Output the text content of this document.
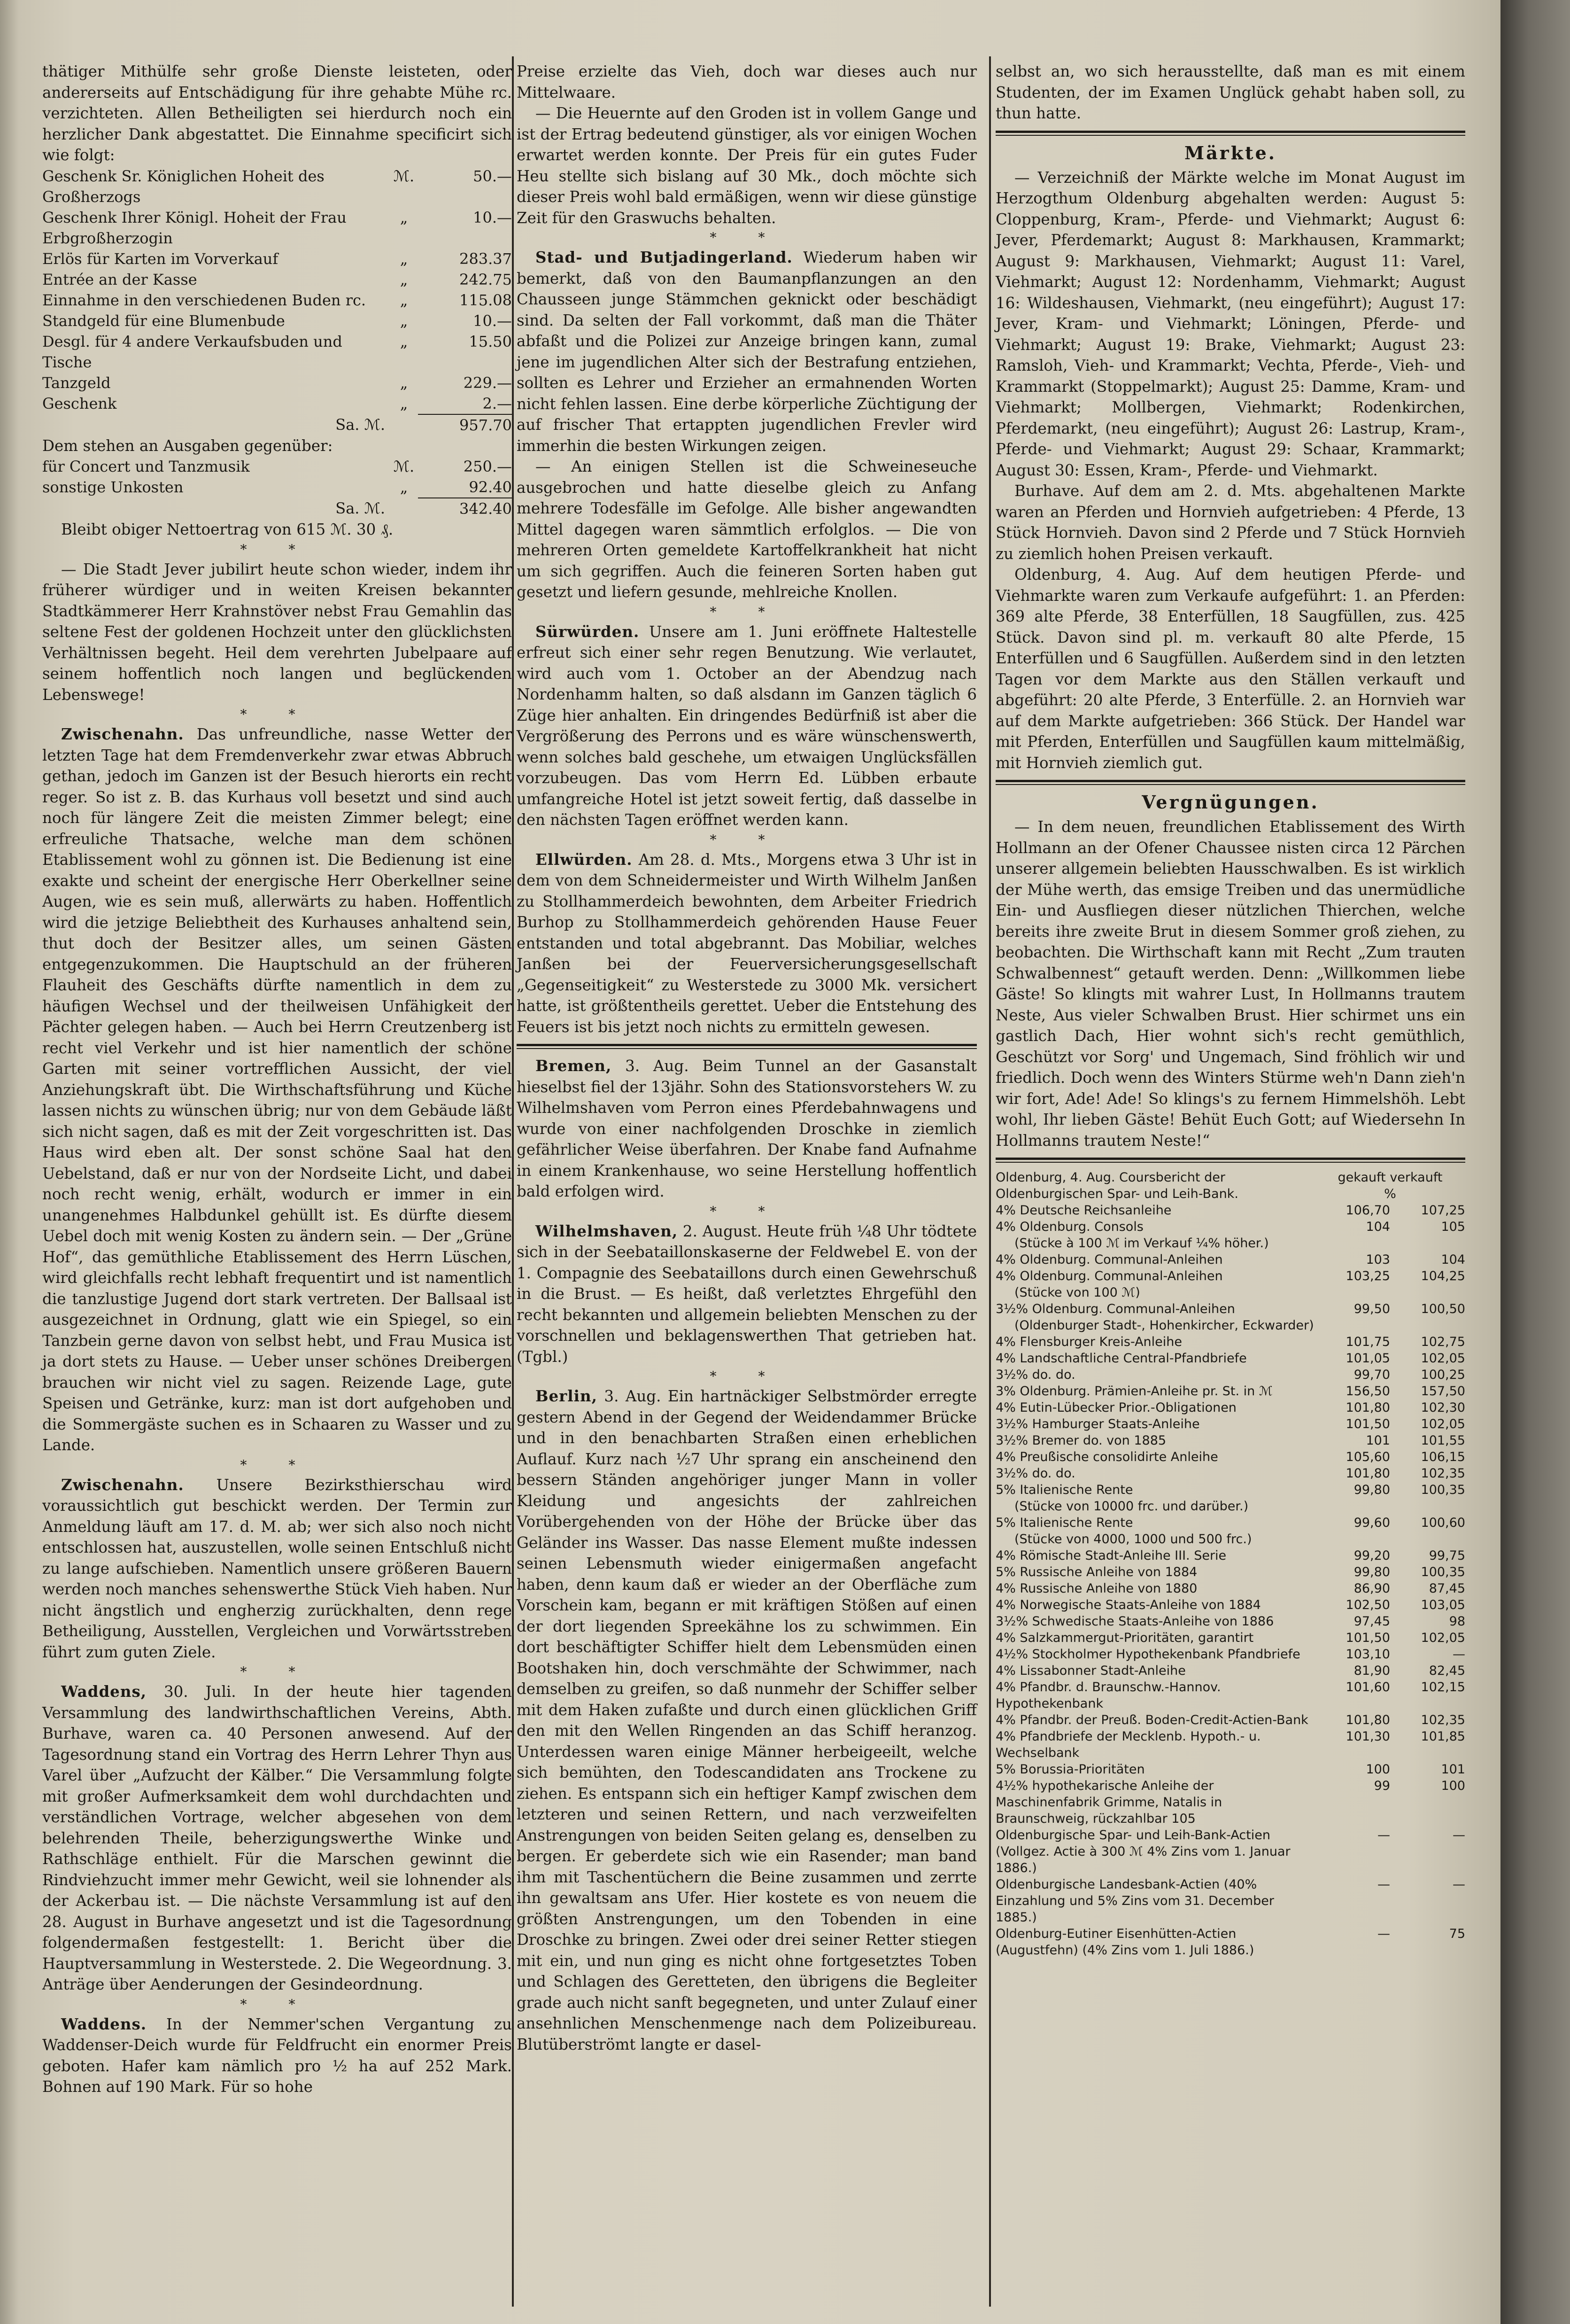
thätiger Mithülfe sehr große Dienste leisteten, oder andererseits auf Entschädigung für ihre gehabte Mühe rc. verzichteten. Allen Betheiligten sei hierdurch noch ein herzlicher Dank abgestattet. Die Einnahme specificirt sich wie folgt:

Geschenk Sr. Königlichen Hoheit des Großherzogs	ℳ.	50.—
Geschenk Ihrer Königl. Hoheit der Frau Erbgroßherzogin	„	10.—
Erlös für Karten im Vorverkauf	„	283.37
Entrée an der Kasse	„	242.75
Einnahme in den verschiedenen Buden rc.	„	115.08
Standgeld für eine Blumenbude	„	10.—
Desgl. für 4 andere Verkaufsbuden und Tische	„	15.50
Tanzgeld	„	229.—
Geschenk	„	2.—
Sa. ℳ.		957.70

Dem stehen an Ausgaben gegenüber:

für Concert und Tanzmusik	ℳ.	250.—
sonstige Unkosten	„	92.40
Sa. ℳ.		342.40

Bleibt obiger Nettoertrag von 615 ℳ. 30 ₰.

* *

— Die Stadt Jever jubilirt heute schon wieder, indem ihr früherer würdiger und in weiten Kreisen bekannter Stadtkämmerer Herr Krahnstöver nebst Frau Gemahlin das seltene Fest der goldenen Hochzeit unter den glücklichsten Verhältnissen begeht. Heil dem verehrten Jubelpaare auf seinem hoffentlich noch langen und beglückenden Lebenswege!

* *

Zwischenahn. Das unfreundliche, nasse Wetter der letzten Tage hat dem Fremdenverkehr zwar etwas Abbruch gethan, jedoch im Ganzen ist der Besuch hierorts ein recht reger. So ist z. B. das Kurhaus voll besetzt und sind auch noch für längere Zeit die meisten Zimmer belegt; eine erfreuliche Thatsache, welche man dem schönen Etablissement wohl zu gönnen ist. Die Bedienung ist eine exakte und scheint der energische Herr Oberkellner seine Augen, wie es sein muß, allerwärts zu haben. Hoffentlich wird die jetzige Beliebtheit des Kurhauses anhaltend sein, thut doch der Besitzer alles, um seinen Gästen entgegenzukommen. Die Hauptschuld an der früheren Flauheit des Geschäfts dürfte namentlich in dem zu häufigen Wechsel und der theilweisen Unfähigkeit der Pächter gelegen haben. — Auch bei Herrn Creutzenberg ist recht viel Verkehr und ist hier namentlich der schöne Garten mit seiner vortrefflichen Aussicht, der viel Anziehungskraft übt. Die Wirthschaftsführung und Küche lassen nichts zu wünschen übrig; nur von dem Gebäude läßt sich nicht sagen, daß es mit der Zeit vorgeschritten ist. Das Haus wird eben alt. Der sonst schöne Saal hat den Uebelstand, daß er nur von der Nordseite Licht, und dabei noch recht wenig, erhält, wodurch er immer in ein unangenehmes Halbdunkel gehüllt ist. Es dürfte diesem Uebel doch mit wenig Kosten zu ändern sein. — Der „Grüne Hof“, das gemüthliche Etablissement des Herrn Lüschen, wird gleichfalls recht lebhaft frequentirt und ist namentlich die tanzlustige Jugend dort stark vertreten. Der Ballsaal ist ausgezeichnet in Ordnung, glatt wie ein Spiegel, so ein Tanzbein gerne davon von selbst hebt, und Frau Musica ist ja dort stets zu Hause. — Ueber unser schönes Dreibergen brauchen wir nicht viel zu sagen. Reizende Lage, gute Speisen und Getränke, kurz: man ist dort aufgehoben und die Sommergäste suchen es in Schaaren zu Wasser und zu Lande.

* *

Zwischenahn. Unsere Bezirksthierschau wird voraussichtlich gut beschickt werden. Der Termin zur Anmeldung läuft am 17. d. M. ab; wer sich also noch nicht entschlossen hat, auszustellen, wolle seinen Entschluß nicht zu lange aufschieben. Namentlich unsere größeren Bauern werden noch manches sehenswerthe Stück Vieh haben. Nur nicht ängstlich und engherzig zurückhalten, denn rege Betheiligung, Ausstellen, Vergleichen und Vorwärtsstreben führt zum guten Ziele.

* *

Waddens, 30. Juli. In der heute hier tagenden Versammlung des landwirthschaftlichen Vereins, Abth. Burhave, waren ca. 40 Personen anwesend. Auf der Tagesordnung stand ein Vortrag des Herrn Lehrer Thyn aus Varel über „Aufzucht der Kälber.“ Die Versammlung folgte mit großer Aufmerksamkeit dem wohl durchdachten und verständlichen Vortrage, welcher abgesehen von dem belehrenden Theile, beherzigungswerthe Winke und Rathschläge enthielt. Für die Marschen gewinnt die Rindviehzucht immer mehr Gewicht, weil sie lohnender als der Ackerbau ist. — Die nächste Versammlung ist auf den 28. August in Burhave angesetzt und ist die Tagesordnung folgendermaßen festgestellt: 1. Bericht über die Hauptversammlung in Westerstede. 2. Die Wegeordnung. 3. Anträge über Aenderungen der Gesindeordnung.

* *

Waddens. In der Nemmer'schen Vergantung zu Waddenser-Deich wurde für Feldfrucht ein enormer Preis geboten. Hafer kam nämlich pro ½ ha auf 252 Mark. Bohnen auf 190 Mark. Für so hohe

Preise erzielte das Vieh, doch war dieses auch nur Mittelwaare.

— Die Heuernte auf den Groden ist in vollem Gange und ist der Ertrag bedeutend günstiger, als vor einigen Wochen erwartet werden konnte. Der Preis für ein gutes Fuder Heu stellte sich bislang auf 30 Mk., doch möchte sich dieser Preis wohl bald ermäßigen, wenn wir diese günstige Zeit für den Graswuchs behalten.

* *

Stad- und Butjadingerland. Wiederum haben wir bemerkt, daß von den Baumanpflanzungen an den Chausseen junge Stämmchen geknickt oder beschädigt sind. Da selten der Fall vorkommt, daß man die Thäter abfaßt und die Polizei zur Anzeige bringen kann, zumal jene im jugendlichen Alter sich der Bestrafung entziehen, sollten es Lehrer und Erzieher an ermahnenden Worten nicht fehlen lassen. Eine derbe körperliche Züchtigung der auf frischer That ertappten jugendlichen Frevler wird immerhin die besten Wirkungen zeigen.

— An einigen Stellen ist die Schweineseuche ausgebrochen und hatte dieselbe gleich zu Anfang mehrere Todesfälle im Gefolge. Alle bisher angewandten Mittel dagegen waren sämmtlich erfolglos. — Die von mehreren Orten gemeldete Kartoffelkrankheit hat nicht um sich gegriffen. Auch die feineren Sorten haben gut gesetzt und liefern gesunde, mehlreiche Knollen.

* *

Sürwürden. Unsere am 1. Juni eröffnete Haltestelle erfreut sich einer sehr regen Benutzung. Wie verlautet, wird auch vom 1. October an der Abendzug nach Nordenhamm halten, so daß alsdann im Ganzen täglich 6 Züge hier anhalten. Ein dringendes Bedürfniß ist aber die Vergrößerung des Perrons und es wäre wünschenswerth, wenn solches bald geschehe, um etwaigen Unglücksfällen vorzubeugen. Das vom Herrn Ed. Lübben erbaute umfangreiche Hotel ist jetzt soweit fertig, daß dasselbe in den nächsten Tagen eröffnet werden kann.

* *

Ellwürden. Am 28. d. Mts., Morgens etwa 3 Uhr ist in dem von dem Schneidermeister und Wirth Wilhelm Janßen zu Stollhammerdeich bewohnten, dem Arbeiter Friedrich Burhop zu Stollhammerdeich gehörenden Hause Feuer entstanden und total abgebrannt. Das Mobiliar, welches Janßen bei der Feuerversicherungsgesellschaft „Gegenseitigkeit“ zu Westerstede zu 3000 Mk. versichert hatte, ist größtentheils gerettet. Ueber die Entstehung des Feuers ist bis jetzt noch nichts zu ermitteln gewesen.

Bremen, 3. Aug. Beim Tunnel an der Gasanstalt hieselbst fiel der 13jähr. Sohn des Stationsvorstehers W. zu Wilhelmshaven vom Perron eines Pferdebahnwagens und wurde von einer nachfolgenden Droschke in ziemlich gefährlicher Weise überfahren. Der Knabe fand Aufnahme in einem Krankenhause, wo seine Herstellung hoffentlich bald erfolgen wird.

* *

Wilhelmshaven, 2. August. Heute früh ¼8 Uhr tödtete sich in der Seebataillonskaserne der Feldwebel E. von der 1. Compagnie des Seebataillons durch einen Gewehrschuß in die Brust. — Es heißt, daß verletztes Ehrgefühl den recht bekannten und allgemein beliebten Menschen zu der vorschnellen und beklagenswerthen That getrieben hat. (Tgbl.)

* *

Berlin, 3. Aug. Ein hartnäckiger Selbstmörder erregte gestern Abend in der Gegend der Weidendammer Brücke und in den benachbarten Straßen einen erheblichen Auflauf. Kurz nach ½7 Uhr sprang ein anscheinend den bessern Ständen angehöriger junger Mann in voller Kleidung und angesichts der zahlreichen Vorübergehenden von der Höhe der Brücke über das Geländer ins Wasser. Das nasse Element mußte indessen seinen Lebensmuth wieder einigermaßen angefacht haben, denn kaum daß er wieder an der Oberfläche zum Vorschein kam, begann er mit kräftigen Stößen auf einen der dort liegenden Spreekähne los zu schwimmen. Ein dort beschäftigter Schiffer hielt dem Lebensmüden einen Bootshaken hin, doch verschmähte der Schwimmer, nach demselben zu greifen, so daß nunmehr der Schiffer selber mit dem Haken zufaßte und durch einen glücklichen Griff den mit den Wellen Ringenden an das Schiff heranzog. Unterdessen waren einige Männer herbeigeeilt, welche sich bemühten, den Todescandidaten ans Trockene zu ziehen. Es entspann sich ein heftiger Kampf zwischen dem letzteren und seinen Rettern, und nach verzweifelten Anstrengungen von beiden Seiten gelang es, denselben zu bergen. Er geberdete sich wie ein Rasender; man band ihm mit Taschentüchern die Beine zusammen und zerrte ihn gewaltsam ans Ufer. Hier kostete es von neuem die größten Anstrengungen, um den Tobenden in eine Droschke zu bringen. Zwei oder drei seiner Retter stiegen mit ein, und nun ging es nicht ohne fortgesetztes Toben und Schlagen des Geretteten, den übrigens die Begleiter grade auch nicht sanft begegneten, und unter Zulauf einer ansehnlichen Menschenmenge nach dem Polizeibureau. Blutüberströmt langte er dasel-

selbst an, wo sich herausstellte, daß man es mit einem Studenten, der im Examen Unglück gehabt haben soll, zu thun hatte.

Märkte.

— Verzeichniß der Märkte welche im Monat August im Herzogthum Oldenburg abgehalten werden: August 5: Cloppenburg, Kram-, Pferde- und Viehmarkt; August 6: Jever, Pferdemarkt; August 8: Markhausen, Krammarkt; August 9: Markhausen, Viehmarkt; August 11: Varel, Viehmarkt; August 12: Nordenhamm, Viehmarkt; August 16: Wildeshausen, Viehmarkt, (neu eingeführt); August 17: Jever, Kram- und Viehmarkt; Löningen, Pferde- und Viehmarkt; August 19: Brake, Viehmarkt; August 23: Ramsloh, Vieh- und Krammarkt; Vechta, Pferde-, Vieh- und Krammarkt (Stoppelmarkt); August 25: Damme, Kram- und Viehmarkt; Mollbergen, Viehmarkt; Rodenkirchen, Pferdemarkt, (neu eingeführt); August 26: Lastrup, Kram-, Pferde- und Viehmarkt; August 29: Schaar, Krammarkt; August 30: Essen, Kram-, Pferde- und Viehmarkt.

Burhave. Auf dem am 2. d. Mts. abgehaltenen Markte waren an Pferden und Hornvieh aufgetrieben: 4 Pferde, 13 Stück Hornvieh. Davon sind 2 Pferde und 7 Stück Hornvieh zu ziemlich hohen Preisen verkauft.

Oldenburg, 4. Aug. Auf dem heutigen Pferde- und Viehmarkte waren zum Verkaufe aufgeführt: 1. an Pferden: 369 alte Pferde, 38 Enterfüllen, 18 Saugfüllen, zus. 425 Stück. Davon sind pl. m. verkauft 80 alte Pferde, 15 Enterfüllen und 6 Saugfüllen. Außerdem sind in den letzten Tagen vor dem Markte aus den Ställen verkauft und abgeführt: 20 alte Pferde, 3 Enterfülle. 2. an Hornvieh war auf dem Markte aufgetrieben: 366 Stück. Der Handel war mit Pferden, Enterfüllen und Saugfüllen kaum mittelmäßig, mit Hornvieh ziemlich gut.

Vergnügungen.

— In dem neuen, freundlichen Etablissement des Wirth Hollmann an der Ofener Chaussee nisten circa 12 Pärchen unserer allgemein beliebten Hausschwalben. Es ist wirklich der Mühe werth, das emsige Treiben und das unermüdliche Ein- und Ausfliegen dieser nützlichen Thierchen, welche bereits ihre zweite Brut in diesem Sommer groß ziehen, zu beobachten. Die Wirthschaft kann mit Recht „Zum trauten Schwalbennest“ getauft werden. Denn: „Willkommen liebe Gäste! So klingts mit wahrer Lust, In Hollmanns trautem Neste, Aus vieler Schwalben Brust. Hier schirmet uns ein gastlich Dach, Hier wohnt sich's recht gemüthlich, Geschützt vor Sorg' und Ungemach, Sind fröhlich wir und friedlich. Doch wenn des Winters Stürme weh'n Dann zieh'n wir fort, Ade! Ade! So klings's zu fernem Himmelshöh. Lebt wohl, Ihr lieben Gäste! Behüt Euch Gott; auf Wiedersehn In Hollmanns trautem Neste!“

Oldenburg, 4. Aug. Coursbericht der Oldenburgischen Spar- und Leih-Bank.	gekauft verkauft
%	

4% Deutsche Reichsanleihe	106,70	107,25
4% Oldenburg. Consols	104	105
(Stücke à 100 ℳ im Verkauf ¼% höher.)		
4% Oldenburg. Communal-Anleihen	103	104
4% Oldenburg. Communal-Anleihen	103,25	104,25
(Stücke von 100 ℳ)		
3½% Oldenburg. Communal-Anleihen	99,50	100,50
(Oldenburger Stadt-, Hohenkircher, Eckwarder)		
4% Flensburger Kreis-Anleihe	101,75	102,75
4% Landschaftliche Central-Pfandbriefe	101,05	102,05
3½% do. do.	99,70	100,25
3% Oldenburg. Prämien-Anleihe pr. St. in ℳ	156,50	157,50
4% Eutin-Lübecker Prior.-Obligationen	101,80	102,30
3½% Hamburger Staats-Anleihe	101,50	102,05
3½% Bremer do. von 1885	101	101,55
4% Preußische consolidirte Anleihe	105,60	106,15
3½% do. do.	101,80	102,35
5% Italienische Rente	99,80	100,35
(Stücke von 10000 frc. und darüber.)		
5% Italienische Rente	99,60	100,60
(Stücke von 4000, 1000 und 500 frc.)		
4% Römische Stadt-Anleihe III. Serie	99,20	99,75
5% Russische Anleihe von 1884	99,80	100,35
4% Russische Anleihe von 1880	86,90	87,45
4% Norwegische Staats-Anleihe von 1884	102,50	103,05
3½% Schwedische Staats-Anleihe von 1886	97,45	98
4% Salzkammergut-Prioritäten, garantirt	101,50	102,05
4½% Stockholmer Hypothekenbank Pfandbriefe	103,10	—
4% Lissabonner Stadt-Anleihe	81,90	82,45
4% Pfandbr. d. Braunschw.-Hannov. Hypothekenbank	101,60	102,15
4% Pfandbr. der Preuß. Boden-Credit-Actien-Bank	101,80	102,35
4% Pfandbriefe der Mecklenb. Hypoth.- u. Wechselbank	101,30	101,85
5% Borussia-Prioritäten	100	101
4½% hypothekarische Anleihe der Maschinenfabrik Grimme, Natalis in Braunschweig, rückzahlbar 105	99	100
Oldenburgische Spar- und Leih-Bank-Actien (Vollgez. Actie à 300 ℳ 4% Zins vom 1. Januar 1886.)	—	—
Oldenburgische Landesbank-Actien (40% Einzahlung und 5% Zins vom 31. December 1885.)	—	—
Oldenburg-Eutiner Eisenhütten-Actien (Augustfehn) (4% Zins vom 1. Juli 1886.)	—	75
